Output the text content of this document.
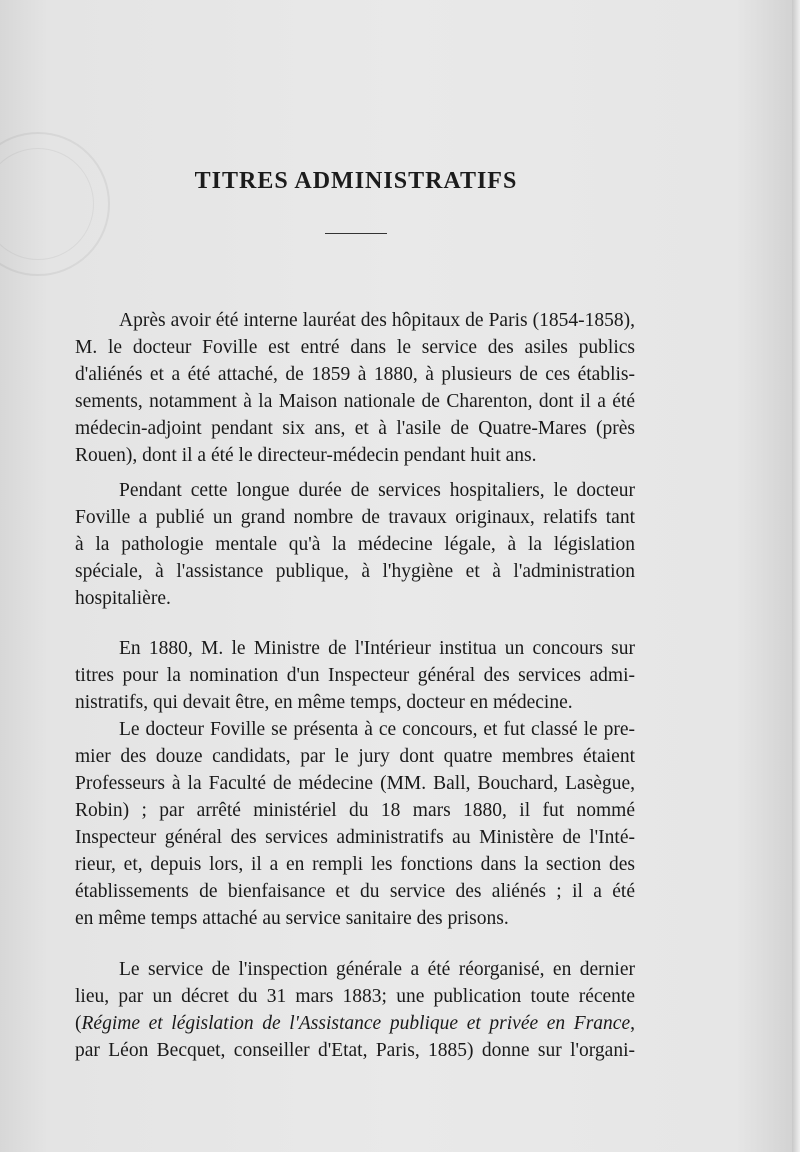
TITRES ADMINISTRATIFS
Après avoir été interne lauréat des hôpitaux de Paris (1854-1858),
M. le docteur Foville est entré dans le service des asiles publics
d'aliénés et a été attaché, de 1859 à 1880, à plusieurs de ces établis-
sements, notamment à la Maison nationale de Charenton, dont il a été
médecin-adjoint pendant six ans, et à l'asile de Quatre-Mares (près
Rouen), dont il a été le directeur-médecin pendant huit ans.
Pendant cette longue durée de services hospitaliers, le docteur
Foville a publié un grand nombre de travaux originaux, relatifs tant
à la pathologie mentale qu'à la médecine légale, à la législation
spéciale, à l'assistance publique, à l'hygiène et à l'administration
hospitalière.
En 1880, M. le Ministre de l'Intérieur institua un concours sur
titres pour la nomination d'un Inspecteur général des services admi-
nistratifs, qui devait être, en même temps, docteur en médecine.
Le docteur Foville se présenta à ce concours, et fut classé le pre-
mier des douze candidats, par le jury dont quatre membres étaient
Professeurs à la Faculté de médecine (MM. Ball, Bouchard, Lasègue,
Robin) ; par arrêté ministériel du 18 mars 1880, il fut nommé
Inspecteur général des services administratifs au Ministère de l'Inté-
rieur, et, depuis lors, il a en rempli les fonctions dans la section des
établissements de bienfaisance et du service des aliénés ; il a été
en même temps attaché au service sanitaire des prisons.
Le service de l'inspection générale a été réorganisé, en dernier
lieu, par un décret du 31 mars 1883; une publication toute récente
(Régime et législation de l'Assistance publique et privée en France,
par Léon Becquet, conseiller d'Etat, Paris, 1885) donne sur l'organi-
